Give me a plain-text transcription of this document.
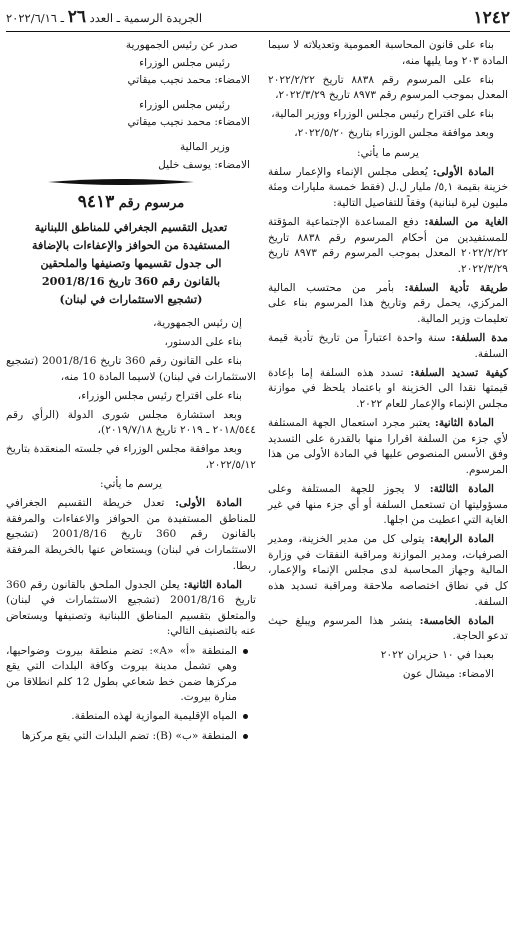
١٢٤٢
الجريدة الرسمية ـ العدد ٢٦ ـ ٢٠٢٢/٦/١٦

بناء على قانون المحاسبة العمومية وتعديلاته لا سيما المادة ٢٠٣ وما يليها منه،

بناء على المرسوم رقم ٨٨٣٨ تاريخ ٢٠٢٢/٢/٢٢ المعدل بموجب المرسوم رقم ٨٩٧٣ تاريخ ٢٠٢٢/٣/٢٩،

بناء على اقتراح رئيس مجلس الوزراء ووزير المالية،

وبعد موافقة مجلس الوزراء بتاريخ ٢٠٢٢/٥/٢٠،

يرسم ما يأتي:

المادة الأولى: يُعطى مجلس الإنماء والإعمار سلفة خزينة بقيمة ٥,١/ مليار ل.ل (فقط خمسة مليارات ومئة مليون ليرة لبنانية) وفقاً للتفاصيل التالية:

الغاية من السلفة: دفع المساعدة الإجتماعية المؤقتة للمستفيدين من أحكام المرسوم رقم ٨٨٣٨ تاريخ ٢٠٢٢/٢/٢٢ المعدل بموجب المرسوم رقم ٨٩٧٣ تاريخ ٢٠٢٢/٣/٢٩.

طريقة تأدية السلفة: بأمر من محتسب المالية المركزي، يحمل رقم وتاريخ هذا المرسوم بناء على تعليمات وزير المالية.

مدة السلفة: سنة واحدة اعتباراً من تاريخ تأدية قيمة السلفة.

كيفية تسديد السلفة: تسدد هذه السلفة إما بإعادة قيمتها نقدا الى الخزينة او باعتماد يلحظ في موازنة مجلس الإنماء والإعمار للعام ٢٠٢٢.

المادة الثانية: يعتبر مجرد استعمال الجهة المستلفة لأي جزء من السلفة اقرارا منها بالقدرة على التسديد وفق الأسس المنصوص عليها في المادة الأولى من هذا المرسوم.

المادة الثالثة: لا يجوز للجهة المستلفة وعلى مسؤوليتها ان تستعمل السلفة أو أي جزء منها في غير الغاية التي اعطيت من اجلها.

المادة الرابعة: يتولى كل من مدير الخزينة، ومدير الصرفيات، ومدير الموازنة ومراقبة النفقات في وزارة المالية وجهاز المحاسبة لدى مجلس الإنماء والإعمار، كل في نطاق اختصاصه ملاحقة ومراقبة تسديد هذه السلفة.

المادة الخامسة: ينشر هذا المرسوم ويبلغ حيث تدعو الحاجة.

بعبدا في ١٠ حزيران ٢٠٢٢

الامضاء: ميشال عون

صدر عن رئيس الجمهورية

رئيس مجلس الوزراء

الامضاء: محمد نجيب ميقاتي

رئيس مجلس الوزراء

الامضاء: محمد نجيب ميقاتي

وزير المالية

الامضاء: يوسف خليل

مرسوم رقم ٩٤١٣
تعديل التقسيم الجغرافي للمناطق اللبنانية
المستفيدة من الحوافز والإعفاءات بالإضافة
الى جدول تقسيمها وتصنيفها والملحقين
بالقانون رقم 360 تاريخ 2001/8/16
(تشجيع الاستثمارات في لبنان)

إن رئيس الجمهورية،

بناء على الدستور،

بناء على القانون رقم 360 تاريخ 2001/8/16 (تشجيع الاستثمارات في لبنان) لاسيما المادة 10 منه،

بناء على اقتراح رئيس مجلس الوزراء،

وبعد استشارة مجلس شورى الدولة (الرأي رقم ٢٠١٨/٥٤٤ ـ ٢٠١٩ تاريخ ٢٠١٩/٧/١٨)،

وبعد موافقة مجلس الوزراء في جلسته المنعقدة بتاريخ ٢٠٢٢/٥/١٢،

يرسم ما يأتي:

المادة الأولى: تعدل خريطة التقسيم الجغرافي للمناطق المستفيدة من الحوافز والاعفاءات والمرفقة بالقانون رقم 360 تاريخ 2001/8/16 (تشجيع الاستثمارات في لبنان) ويستعاض عنها بالخريطة المرفقة ربطا.

المادة الثانية: يعلن الجدول الملحق بالقانون رقم 360 تاريخ 2001/8/16 (تشجيع الاستثمارات في لبنان) والمتعلق بتقسيم المناطق اللبنانية وتصنيفها ويستعاض عنه بالتصنيف التالي:

المنطقة «أ» «A»: تضم منطقة بيروت وضواحيها، وهي تشمل مدينة بيروت وكافة البلدات التي يقع مركزها ضمن خط شعاعي بطول 12 كلم انطلاقا من منارة بيروت.
المياه الإقليمية الموازية لهذه المنطقة.
المنطقة «ب» (B): تضم البلدات التي يقع مركزها
